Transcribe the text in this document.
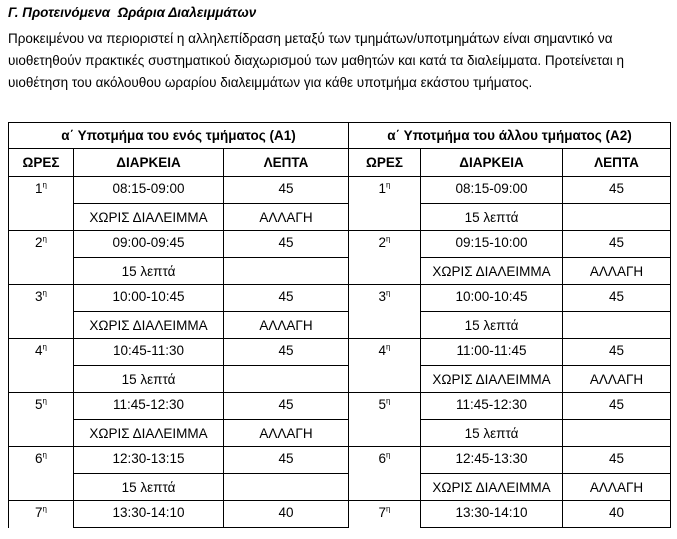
Γ. Προτεινόμενα  Ωράρια Διαλειμμάτων
Προκειμένου να περιοριστεί η αλληλεπίδραση μεταξύ των τμημάτων/υποτμημάτων είναι σημαντικό να
υιοθετηθούν πρακτικές συστηματικού διαχωρισμού των μαθητών και κατά τα διαλείμματα. Προτείνεται η
υιοθέτηση του ακόλουθου ωραρίου διαλειμμάτων για κάθε υποτμήμα εκάστου τμήματος.
α΄ Υποτμήμα του ενός τμήματος (Α1)			α΄ Υποτμήμα του άλλου τμήματος (Α2)		
ΩΡΕΣ	ΔΙΑΡΚΕΙΑ	ΛΕΠΤΑ	ΩΡΕΣ	ΔΙΑΡΚΕΙΑ	ΛΕΠΤΑ
$1^\eta$	08:15-09:00	45	$1^\eta$	08:15-09:00	45
	ΧΩΡΙΣ ΔΙΑΛΕΙΜΜΑ	ΑΛΛΑΓΗ		15 λεπτά	
$2^\eta$	09:00-09:45	45	$2^\eta$	09:15-10:00	45
	15 λεπτά			ΧΩΡΙΣ ΔΙΑΛΕΙΜΜΑ	ΑΛΛΑΓΗ
$3^\eta$	10:00-10:45	45	$3^\eta$	10:00-10:45	45
	ΧΩΡΙΣ ΔΙΑΛΕΙΜΜΑ	ΑΛΛΑΓΗ		15 λεπτά	
$4^\eta$	10:45-11:30	45	$4^\eta$	11:00-11:45	45
	15 λεπτά			ΧΩΡΙΣ ΔΙΑΛΕΙΜΜΑ	ΑΛΛΑΓΗ
$5^\eta$	11:45-12:30	45	$5^\eta$	11:45-12:30	45
	ΧΩΡΙΣ ΔΙΑΛΕΙΜΜΑ	ΑΛΛΑΓΗ		15 λεπτά	
$6^\eta$	12:30-13:15	45	$6^\eta$	12:45-13:30	45
	15 λεπτά			ΧΩΡΙΣ ΔΙΑΛΕΙΜΜΑ	ΑΛΛΑΓΗ
$7^\eta$	13:30-14:10	40	$7^\eta$	13:30-14:10	40
